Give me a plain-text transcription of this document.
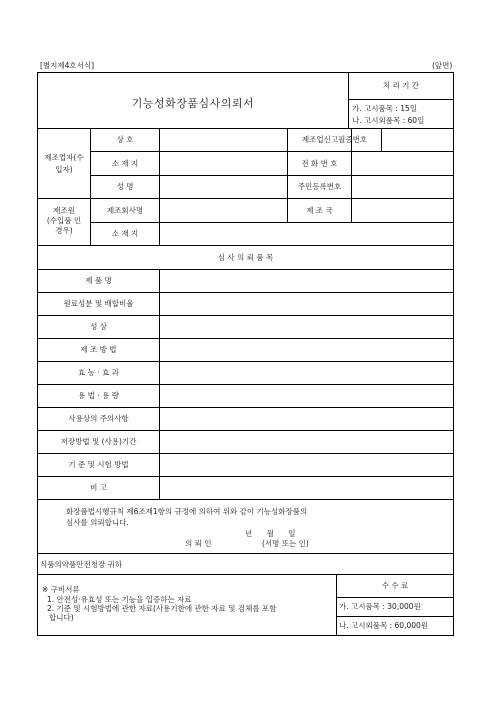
[별지제4호서식]	(앞면)
기능성화장품심사의뢰서
처 리 기 간
가. 고시품목 : 15일
나. 고시외품목 : 60일
제조업자(수
입자)
상 호	제조업신고필증번호
소 재 지	전 화 번 호
성 명	주민등록번호
제조원
(수입품 인
경우)
제조회사명	제 조 국
소 재 지
심 사 의 뢰 품 목
제 품 명
원료성분 및 배합비율
성 상
제 조 방 법
효 능 · 효 과
용 법 · 용 량
사용상의 주의사항
저장방법 및 (사용)기간
기 준 및 시험 방법
비 고
화장품법시행규칙 제6조제1항의 규정에 의하여 위와 같이 기능성화장품의
심사를 의뢰합니다.
년 월 일
의 뢰 인	(서명 또는 인)
식품의약품안전청장 귀하
※ 구비서류
1. 안전성·유효성 또는 기능을 입증하는 자료
2. 기준 및 시험방법에 관한 자료(사용기한에 관한 자료 및 검체를 포함
합니다)
수 수 료
가. 고시품목 : 30,000원
나. 고시외품목 : 60,000원
